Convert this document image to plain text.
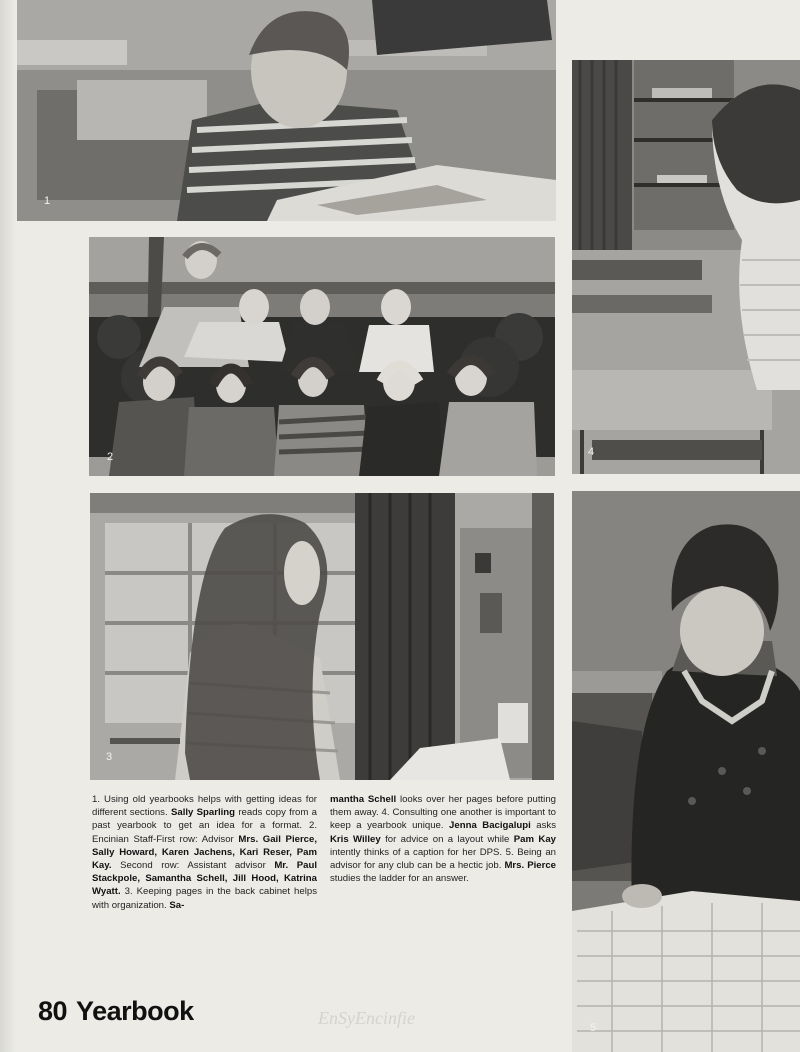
1
4
2
3
5
1. Using old yearbooks helps with getting ideas for different sections. Sally Sparling reads copy from a past yearbook to get an idea for a format. 2. Encinian Staff-First row: Advisor Mrs. Gail Pierce, Sally Howard, Karen Jachens, Kari Reser, Pam Kay. Second row: Assistant advisor Mr. Paul Stackpole, Samantha Schell, Jill Hood, Katrina Wyatt. 3. Keeping pages in the back cabinet helps with organization. Sa-
mantha Schell looks over her pages before putting them away. 4. Consulting one another is important to keep a yearbook unique. Jenna Bacigalupi asks Kris Willey for advice on a layout while Pam Kay intently thinks of a caption for her DPS. 5. Being an advisor for any club can be a hectic job. Mrs. Pierce studies the ladder for an answer.
80 Yearbook	EnSyEncinfie
